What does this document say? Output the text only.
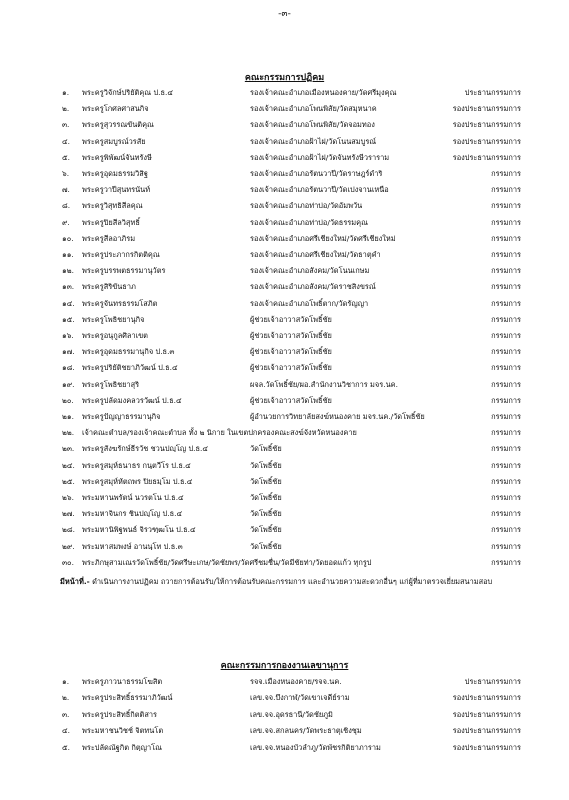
-๓-
คณะกรรมการปฏิคม
๑. พระครูวิจักษ์ปริยัติคุณ ป.ธ.๔	รองเจ้าคณะอำเภอเมืองหนองคาย/วัดศรีมุงคุณ	ประธานกรรมการ
๒. พระครูโกศลศาสนกิจ	รองเจ้าคณะอำเภอโพนพิสัย/วัดสมุหนาค	รองประธานกรรมการ
๓. พระครูสุวรรณขันติคุณ	รองเจ้าคณะอำเภอโพนพิสัย/วัดจอมทอง	รองประธานกรรมการ
๔. พระครูสมบูรณ์วรสัย	รองเจ้าคณะอำเภอฝ้าไฝ/วัดโนนสมบูรณ์	รองประธานกรรมการ
๕. พระครูพิพัฒน์จันทรังษี	รองเจ้าคณะอำเภอฝ้าไฝ/วัดจันทรังษีวราราม	รองประธานกรรมการ
๖. พระครูอุดมธรรมวิสิฐ	รองเจ้าคณะอำเภอรัตนวาปี/วัดราษฎร์ดำริ	กรรมการ
๗. พระครูวาปีสุนทรนันท์	รองเจ้าคณะอำเภอรัตนวาปี/วัดเปงจานเหนือ	กรรมการ
๘. พระครูวิสุทธิสีลคุณ	รองเจ้าคณะอำเภอท่าบ่อ/วัดอัมพวัน	กรรมการ
๙. พระครูปิยสีลวิสุทธิ์	รองเจ้าคณะอำเภอท่าบ่อ/วัดธรรมคุณ	กรรมการ
๑๐. พระครูสีลอาภิรม	รองเจ้าคณะอำเภอศรีเชียงใหม่/วัดศรีเชียงใหม่	กรรมการ
๑๑. พระครูประภากรกิตติคุณ	รองเจ้าคณะอำเภอศรีเชียงใหม่/วัดธาตุคำ	กรรมการ
๑๒. พระครูบรรพตธรรมานุวัตร	รองเจ้าคณะอำเภอสังคม/วัดโนนเกษม	กรรมการ
๑๓. พระครูสิริขันธาภ	รองเจ้าคณะอำเภอสังคม/วัดราชสิงขรณ์	กรรมการ
๑๔. พระครูจันทรธรรมโสภิต	รองเจ้าคณะอำเภอโพธิ์ตาก/วัดรัญญา	กรรมการ
๑๕. พระครูโพธิชยานุกิจ	ผู้ช่วยเจ้าอาวาสวัดโพธิ์ชัย	กรรมการ
๑๖. พระครูอนุกูลศิลาเขต	ผู้ช่วยเจ้าอาวาสวัดโพธิ์ชัย	กรรมการ
๑๗. พระครูอุดมธรรมานุกิจ ป.ธ.๓	ผู้ช่วยเจ้าอาวาสวัดโพธิ์ชัย	กรรมการ
๑๘. พระครูปริยัติชยาภิวัฒน์ ป.ธ.๔	ผู้ช่วยเจ้าอาวาสวัดโพธิ์ชัย	กรรมการ
๑๙. พระครูโพธิชยาสุริ	ผจล.วัดโพธิ์ชัย/ผอ.สำนักงานวิชาการ มจร.นค.	กรรมการ
๒๐. พระครูปลัดมงคลวรวัฒน์ ป.ธ.๔	ผู้ช่วยเจ้าอาวาสวัดโพธิ์ชัย	กรรมการ
๒๑. พระครูปัญญาธรรมานุกิจ	ผู้อำนวยการวิทยาลัยสงฆ์หนองคาย มจร.นค./วัดโพธิ์ชัย	กรรมการ
๒๒. เจ้าคณะตำบล/รองเจ้าคณะตำบล ทั้ง ๒ นิกาย ในเขตปกครองคณะสงฆ์จังหวัดหนองคาย	กรรมการ
๒๓. พระครูสังฆรักษ์ธีรวัช ชวนปญฺโญ ป.ธ.๔	วัดโพธิ์ชัย	กรรมการ
๒๔. พระครูสมุห์ธนาธร กนฺตวีโร ป.ธ.๔	วัดโพธิ์ชัย	กรรมการ
๒๕. พระครูสมุห์หัตถพร ปิยธมฺโม ป.ธ.๔	วัดโพธิ์ชัย	กรรมการ
๒๖. พระมหานพรัตน์ นวรตโน ป.ธ.๔	วัดโพธิ์ชัย	กรรมการ
๒๗. พระมหาจินกร ชินปญฺโญ ป.ธ.๔	วัดโพธิ์ชัย	กรรมการ
๒๘. พระมหานิพิฐพนธ์ จิรวฑฺฒโน ป.ธ.๔	วัดโพธิ์ชัย	กรรมการ
๒๙. พระมหาสมพงษ์ อานนฺโท ป.ธ.๓	วัดโพธิ์ชัย	กรรมการ
๓๐. พระภิกษุสามเณรวัดโพธิ์ชัย/วัดศรีษะเกษ/วัดชัยพร/วัดศรีชมชื่น/วัดมีชัยท่า/วัดยอดแก้ว ทุกรูป	กรรมการ
มีหน้าที่.- ดำเนินการงานปฏิคม ถวายการต้อนรับ/ให้การต้อนรับคณะกรรมการ และอำนวยความสะดวกอื่นๆ แก่ผู้ที่มาตรวจเยี่ยมสนามสอบ
คณะกรรมการกองงานเลขานุการ
๑. พระครูภาวนาธรรมโฆสิต	รจจ.เมืองหนองคาย/รจจ.นค.	ประธานกรรมการ
๒. พระครูประสิทธิ์ธรรมาภิวัฒน์	เลข.จจ.บึงกาฬ/วัดเขาเจดีย์ราม	รองประธานกรรมการ
๓. พระครูประสิทธิ์กิตติสาร	เลข.จจ.อุดรธานี/วัดชัยภูมิ	รองประธานกรรมการ
๔. พระมหาชนวิชช์ จิตทนโต	เลข.จจ.สกลนคร/วัดพระธาตุเชิงชุม	รองประธานกรรมการ
๕. พระปลัดณัฐกิต กิตฺญาโณ	เลข.จจ.หนองบัวลำภู/วัดพัชรกิติยาภาราม	รองประธานกรรมการ
